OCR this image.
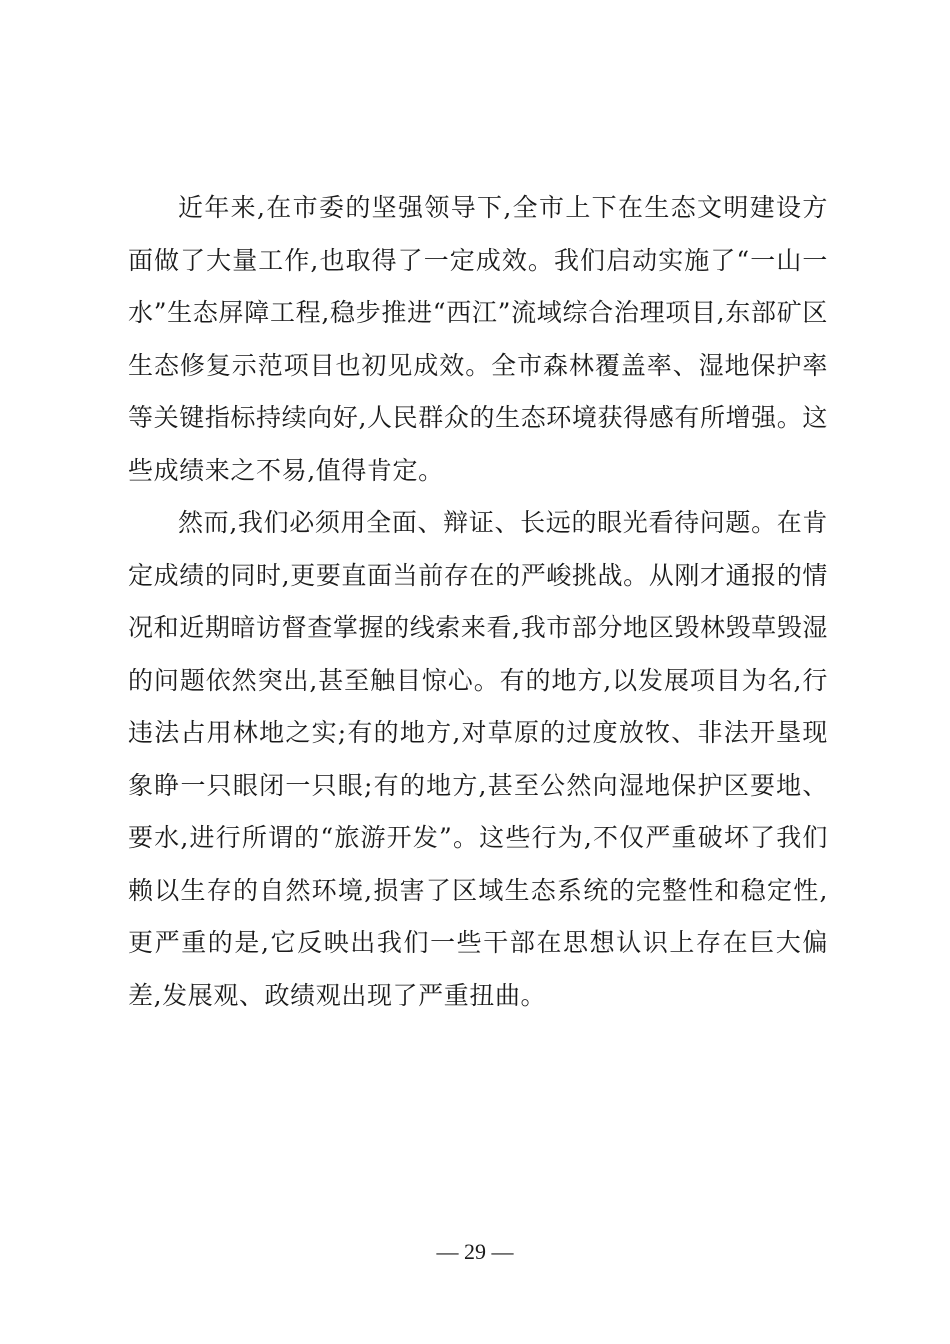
近年来,在市委的坚强领导下,全市上下在生态文明建设方面做了大量工作,也取得了一定成效。我们启动实施了“一山一水”生态屏障工程,稳步推进“西江”流域综合治理项目,东部矿区生态修复示范项目也初见成效。全市森林覆盖率、湿地保护率等关键指标持续向好,人民群众的生态环境获得感有所增强。这些成绩来之不易,值得肯定。

然而,我们必须用全面、辩证、长远的眼光看待问题。在肯定成绩的同时,更要直面当前存在的严峻挑战。从刚才通报的情况和近期暗访督查掌握的线索来看,我市部分地区毁林毁草毁湿的问题依然突出,甚至触目惊心。有的地方,以发展项目为名,行违法占用林地之实;有的地方,对草原的过度放牧、非法开垦现象睁一只眼闭一只眼;有的地方,甚至公然向湿地保护区要地、要水,进行所谓的“旅游开发”。这些行为,不仅严重破坏了我们赖以生存的自然环境,损害了区域生态系统的完整性和稳定性,更严重的是,它反映出我们一些干部在思想认识上存在巨大偏差,发展观、政绩观出现了严重扭曲。

— 29 —
